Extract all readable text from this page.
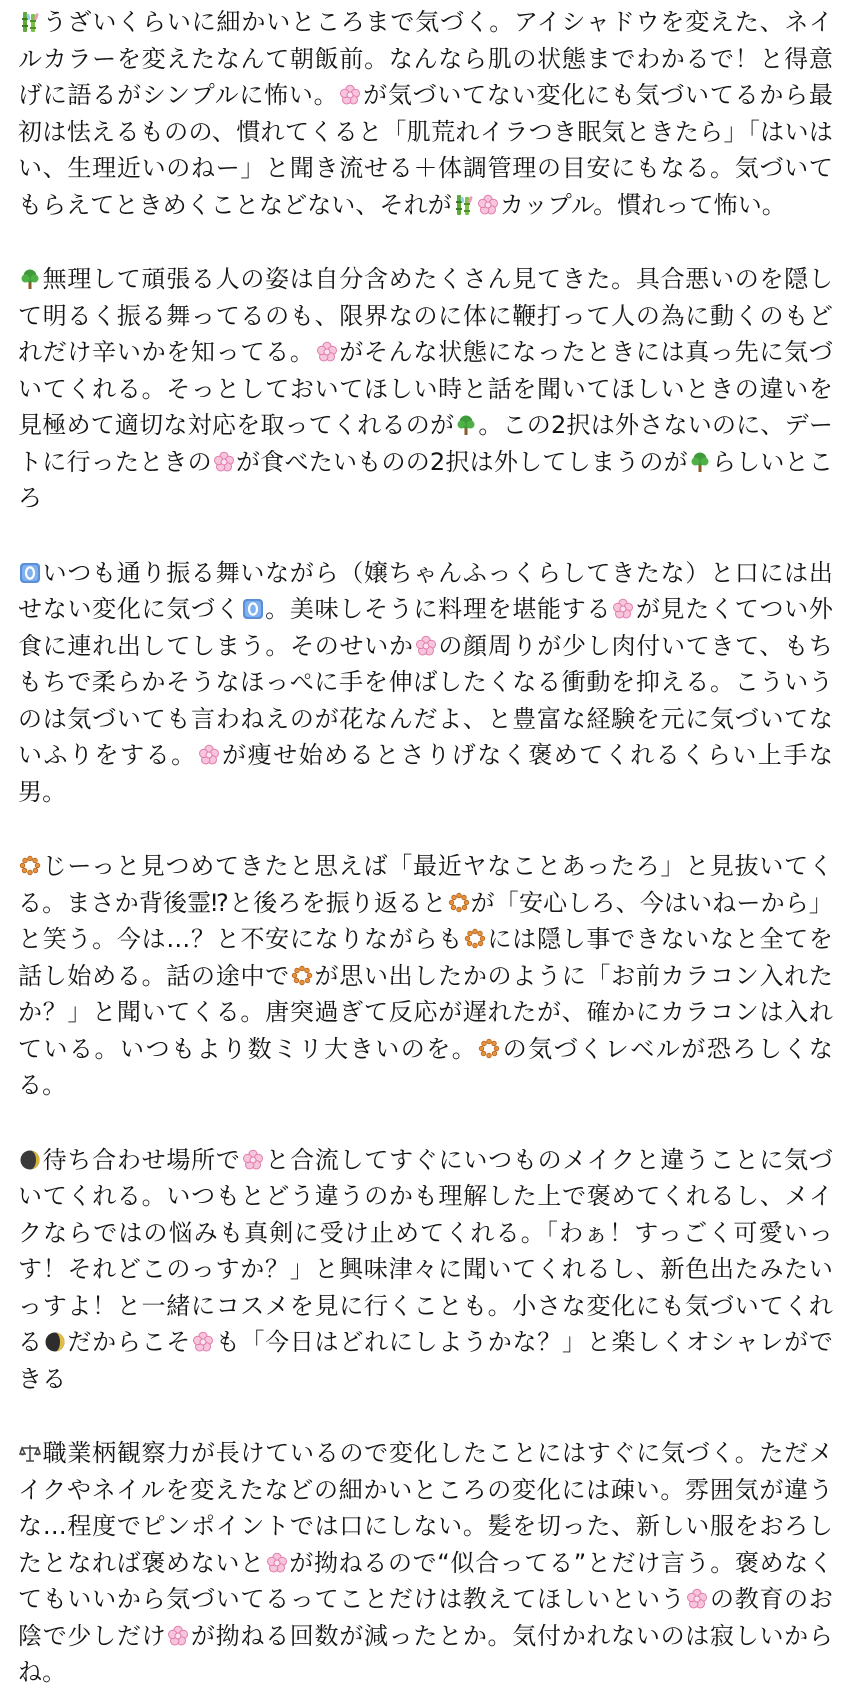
うざいくらいに細かいところまで気づく。アイシャドウを変えた、ネイルカラーを変えたなんて朝飯前。なんなら肌の状態までわかるで！と得意げに語るがシンプルに怖い。 が気づいてない変化にも気づいてるから最初は怯えるものの、慣れてくると「肌荒れイラつき眠気ときたら」「はいはい、生理近いのねー」と聞き流せる＋体調管理の目安にもなる。気づいてもらえてときめくことなどない、それが カップル。慣れって怖い。

無理して頑張る人の姿は自分含めたくさん見てきた。具合悪いのを隠して明るく振る舞ってるのも、限界なのに体に鞭打って人の為に動くのもどれだけ辛いかを知ってる。 がそんな状態になったときには真っ先に気づいてくれる。そっとしておいてほしい時と話を聞いてほしいときの違いを見極めて適切な対応を取ってくれるのが 。この2択は外さないのに、デートに行ったときの が食べたいものの2択は外してしまうのが らしいところ

いつも通り振る舞いながら（嬢ちゃんふっくらしてきたな）と口には出せない変化に気づく 。美味しそうに料理を堪能する が見たくてつい外食に連れ出してしまう。そのせいか の顔周りが少し肉付いてきて、もちもちで柔らかそうなほっぺに手を伸ばしたくなる衝動を抑える。こういうのは気づいても言わねえのが花なんだよ、と豊富な経験を元に気づいてないふりをする。 が痩せ始めるとさりげなく褒めてくれるくらい上手な男。

じーっと見つめてきたと思えば「最近ヤなことあったろ」と見抜いてくる。まさか背後霊⁉と後ろを振り返ると が「安心しろ、今はいねーから」と笑う。今は…？と不安になりながらも には隠し事できないなと全てを話し始める。話の途中で が思い出したかのように「お前カラコン入れたか？」と聞いてくる。唐突過ぎて反応が遅れたが、確かにカラコンは入れている。いつもより数ミリ大きいのを。 の気づくレベルが恐ろしくなる。

待ち合わせ場所で と合流してすぐにいつものメイクと違うことに気づいてくれる。いつもとどう違うのかも理解した上で褒めてくれるし、メイクならではの悩みも真剣に受け止めてくれる。「わぁ！すっごく可愛いっす！それどこのっすか？」と興味津々に聞いてくれるし、新色出たみたいっすよ！と一緒にコスメを見に行くことも。小さな変化にも気づいてくれる だからこそ も「今日はどれにしようかな？」と楽しくオシャレができる

職業柄観察力が長けているので変化したことにはすぐに気づく。ただメイクやネイルを変えたなどの細かいところの変化には疎い。雰囲気が違うな…程度でピンポイントでは口にしない。髪を切った、新しい服をおろしたとなれば褒めないと が拗ねるので“似合ってる”とだけ言う。褒めなくてもいいから気づいてるってことだけは教えてほしいという の教育のお陰で少しだけ が拗ねる回数が減ったとか。気付かれないのは寂しいからね。
